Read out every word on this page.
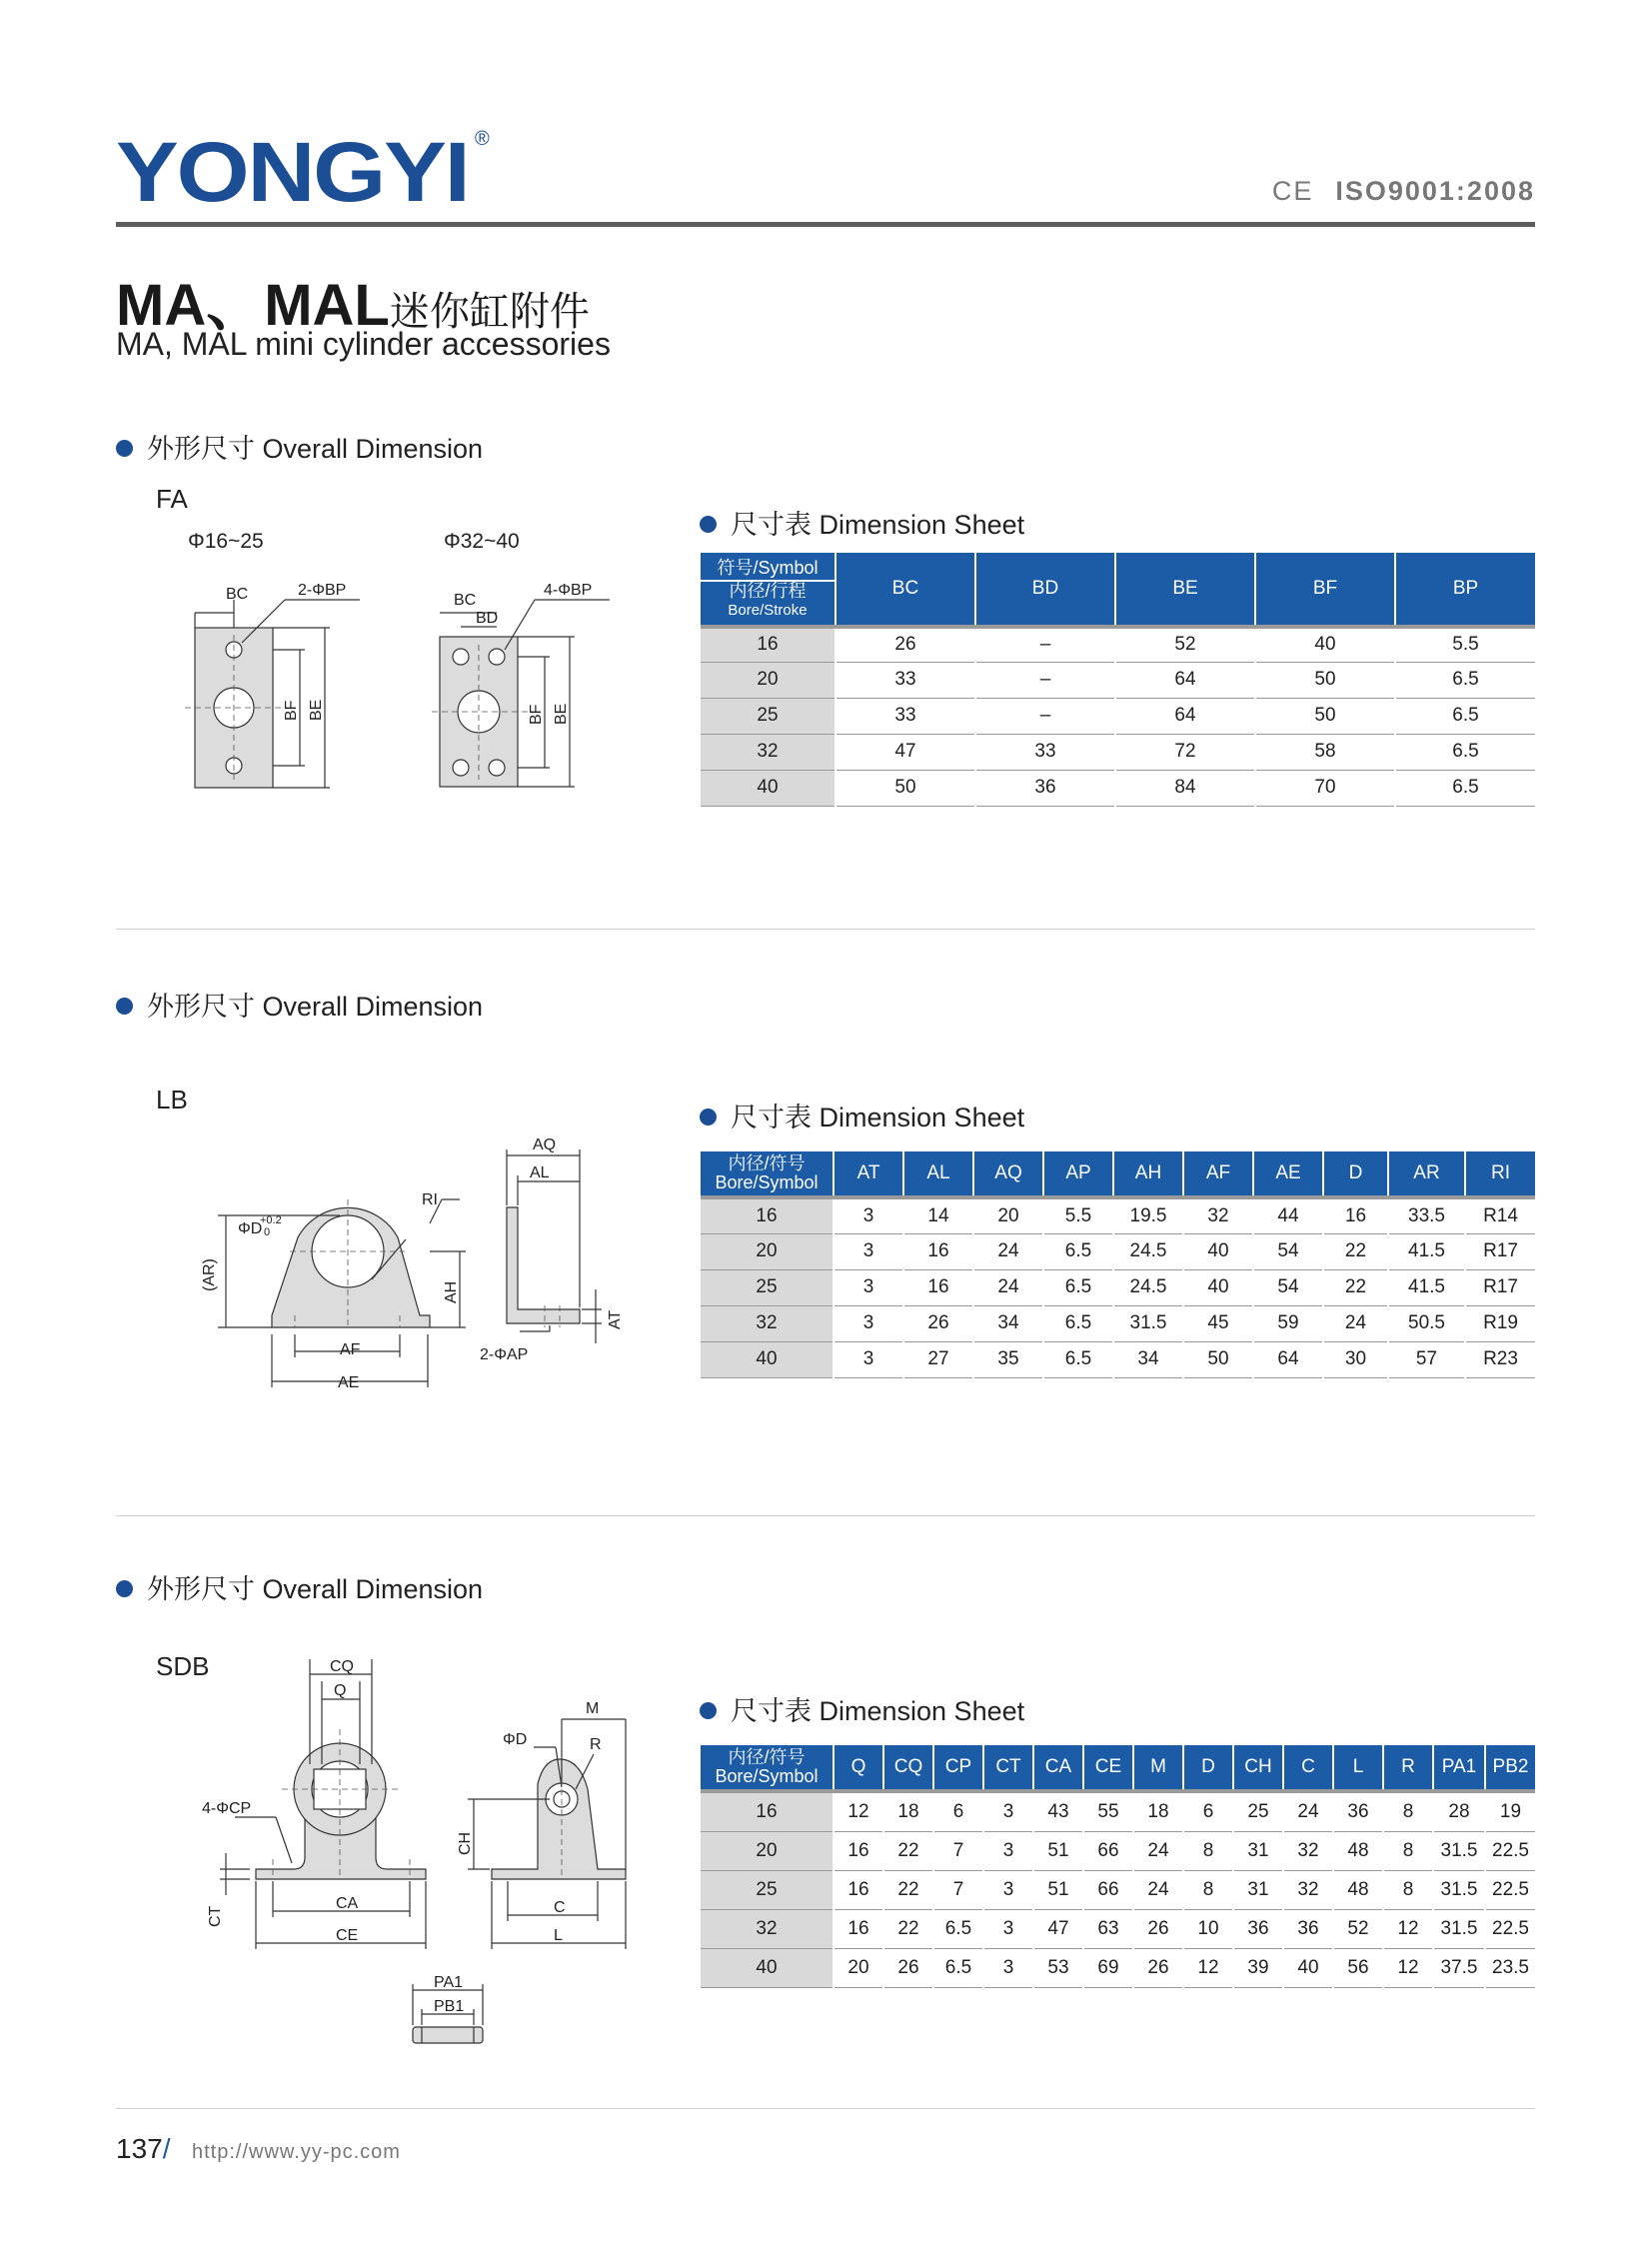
YONGYI ®
CE ISO9001:2008
MA、MAL迷你缸附件
MA, MAL mini cylinder accessories
外形尺寸 Overall Dimension
FA
Φ16~25	Φ32~40
BC	2-ΦBP
BC
BD
4-ΦBP
BF BE	BF BE
尺寸表 Dimension Sheet
符号/Symbol
内径/行程
Bore/Stroke	BC	BD	BE	BF	BP
16	26	–	52	40	5.5
20	33	–	64	50	6.5
25	33	–	64	50	6.5
32	47	33	72	58	6.5
40	50	36	84	70	6.5
外形尺寸 Overall Dimension
LB
AQ
AL
RI
ΦD
+0.2
0
(AR)
AH
AT
AF
AE
2-ΦAP
尺寸表 Dimension Sheet
内径/符号
Bore/Symbol	AT	AL	AQ	AP	AH	AF	AE	D	AR	RI
16	3	14	20	5.5	19.5	32	44	16	33.5	R14
20	3	16	24	6.5	24.5	40	54	22	41.5	R17
25	3	16	24	6.5	24.5	40	54	22	41.5	R17
32	3	26	34	6.5	31.5	45	59	24	50.5	R19
40	3	27	35	6.5	34	50	64	30	57	R23
外形尺寸 Overall Dimension
SDB	CQ
Q
4-ΦCP
CT
CA
CE
ΦD
M
R
CH
C
L
PA1
PB1
尺寸表 Dimension Sheet
内径/符号
Bore/Symbol	Q	CQ	CP	CT	CA	CE	M	D	CH	C	L	R	PA1	PB2
16	12	18	6	3	43	55	18	6	25	24	36	8	28	19
20	16	22	7	3	51	66	24	8	31	32	48	8	31.5	22.5
25	16	22	7	3	51	66	24	8	31	32	48	8	31.5	22.5
32	16	22	6.5	3	47	63	26	10	36	36	52	12	31.5	22.5
40	20	26	6.5	3	53	69	26	12	39	40	56	12	37.5	23.5
137/ http://www.yy-pc.com
